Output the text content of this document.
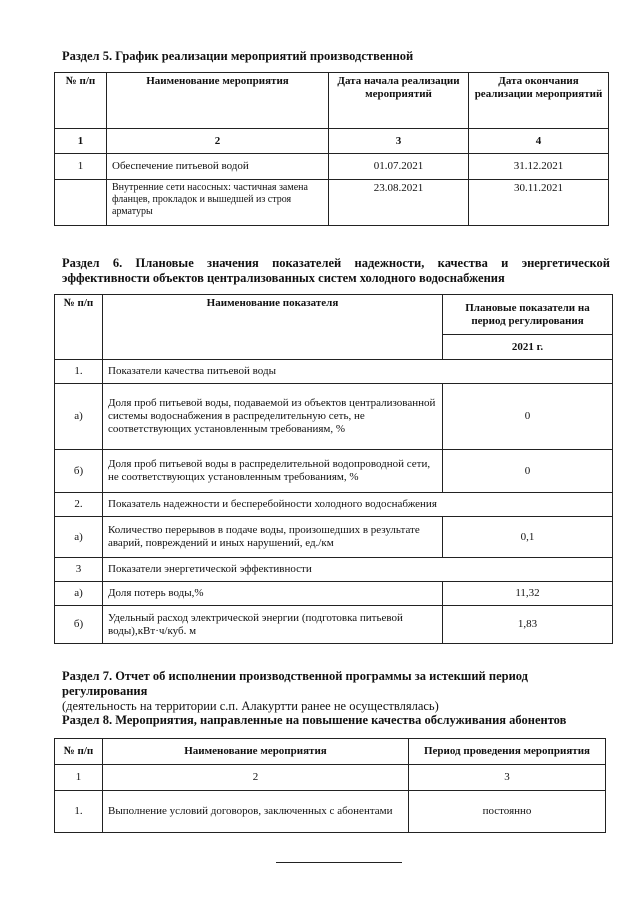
Раздел 5. График реализации мероприятий производственной

№ п/п	Наименование мероприятия	Дата начала реализации мероприятий	Дата окончания реализации мероприятий
1	2	3	4
1	Обеспечение питьевой водой	01.07.2021	31.12.2021
	Внутренние сети насосных: частичная замена фланцев, прокладок и вышедшей из строя арматуры	23.08.2021	30.11.2021

Раздел 6. Плановые значения показателей надежности, качества и энергетической эффективности объектов централизованных систем холодного водоснабжения

№ п/п	Наименование показателя	Плановые показатели на период регулирования
		2021 г.
1.	Показатели качества питьевой воды	
а)	Доля проб питьевой воды, подаваемой из объектов централизованной системы водоснабжения в распределительную сеть, не соответствующих установленным требованиям, %	0
б)	Доля проб питьевой воды в распределительной водопроводной сети, не соответствующих установленным требованиям, %	0
2.	Показатель надежности и бесперебойности холодного водоснабжения	
а)	Количество перерывов в подаче воды, произошедших в результате аварий, повреждений и иных нарушений, ед./км	0,1
3	Показатели энергетической эффективности	
а)	Доля потерь воды,%	11,32
б)	Удельный расход электрической энергии (подготовка питьевой воды),кВт·ч/куб. м	1,83

Раздел 7. Отчет об исполнении производственной программы за истекший период регулирования
(деятельность на территории с.п. Алакуртти ранее не осуществлялась)

Раздел 8. Мероприятия, направленные на повышение качества обслуживания абонентов

№ п/п	Наименование мероприятия	Период проведения мероприятия
1	2	3
1.	Выполнение условий договоров, заключенных с абонентами	постоянно
